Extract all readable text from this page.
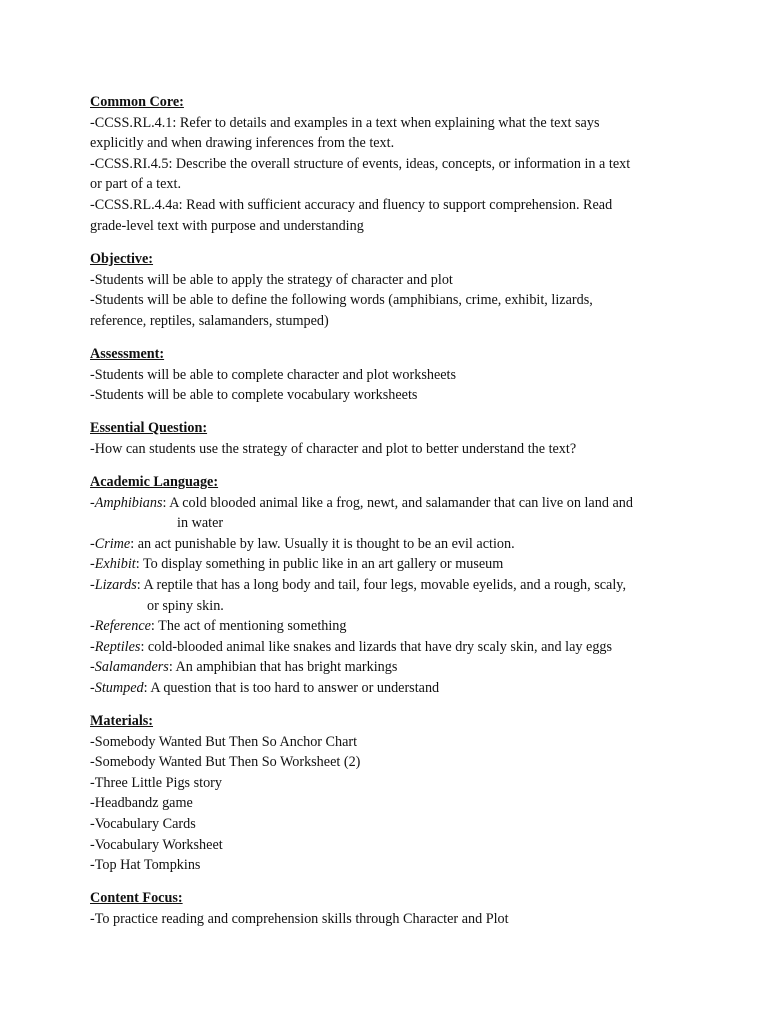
Common Core:
-CCSS.RL.4.1: Refer to details and examples in a text when explaining what the text says
explicitly and when drawing inferences from the text.
-CCSS.RI.4.5: Describe the overall structure of events, ideas, concepts, or information in a text
or part of a text.
-CCSS.RL.4.4a: Read with sufficient accuracy and fluency to support comprehension. Read
grade-level text with purpose and understanding
Objective:
-Students will be able to apply the strategy of character and plot
-Students will be able to define the following words (amphibians, crime, exhibit, lizards,
reference, reptiles, salamanders, stumped)
Assessment:
-Students will be able to complete character and plot worksheets
-Students will be able to complete vocabulary worksheets
Essential Question:
-How can students use the strategy of character and plot to better understand the text?
Academic Language:
-Amphibians: A cold blooded animal like a frog, newt, and salamander that can live on land and
in water
-Crime: an act punishable by law. Usually it is thought to be an evil action.
-Exhibit: To display something in public like in an art gallery or museum
-Lizards: A reptile that has a long body and tail, four legs, movable eyelids, and a rough, scaly,
or spiny skin.
-Reference: The act of mentioning something
-Reptiles: cold-blooded animal like snakes and lizards that have dry scaly skin, and lay eggs
-Salamanders: An amphibian that has bright markings
-Stumped: A question that is too hard to answer or understand
Materials:
-Somebody Wanted But Then So Anchor Chart
-Somebody Wanted But Then So Worksheet (2)
-Three Little Pigs story
-Headbandz game
-Vocabulary Cards
-Vocabulary Worksheet
-Top Hat Tompkins
Content Focus:
-To practice reading and comprehension skills through Character and Plot
